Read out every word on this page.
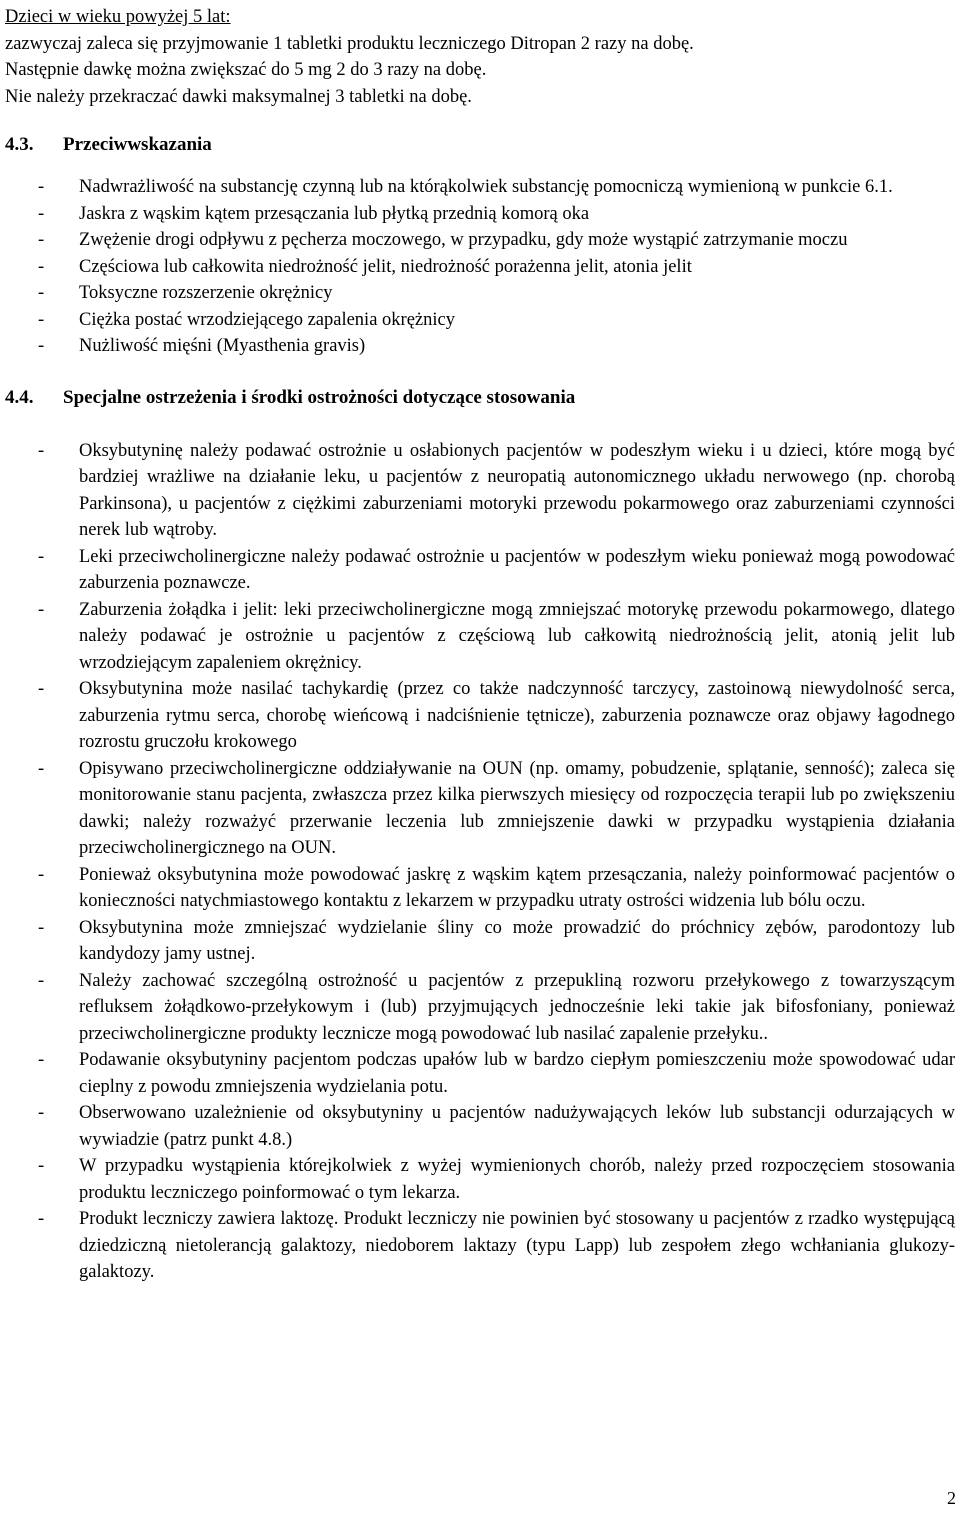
Dzieci w wieku powyżej 5 lat:
zazwyczaj zaleca się przyjmowanie 1 tabletki produktu leczniczego Ditropan 2 razy na dobę.
Następnie dawkę można zwiększać do 5 mg 2 do 3 razy na dobę.
Nie należy przekraczać dawki maksymalnej 3 tabletki na dobę.
4.3.	Przeciwwskazania
- Nadwrażliwość na substancję czynną lub na którąkolwiek substancję pomocniczą wymienioną w punkcie 6.1.
- Jaskra z wąskim kątem przesączania lub płytką przednią komorą oka
- Zwężenie drogi odpływu z pęcherza moczowego, w przypadku, gdy może wystąpić zatrzymanie moczu
- Częściowa lub całkowita niedrożność jelit, niedrożność porażenna jelit, atonia jelit
- Toksyczne rozszerzenie okrężnicy
- Ciężka postać wrzodziejącego zapalenia okrężnicy
- Nużliwość mięśni (Myasthenia gravis)
4.4.	Specjalne ostrzeżenia i środki ostrożności dotyczące stosowania
- Oksybutyninę należy podawać ostrożnie u osłabionych pacjentów w podeszłym wieku i u dzieci, które mogą być bardziej wrażliwe na działanie leku, u pacjentów z neuropatią autonomicznego układu nerwowego (np. chorobą Parkinsona), u pacjentów z ciężkimi zaburzeniami motoryki przewodu pokarmowego oraz zaburzeniami czynności nerek lub wątroby.
- Leki przeciwcholinergiczne należy podawać ostrożnie u pacjentów w podeszłym wieku ponieważ mogą powodować zaburzenia poznawcze.
- Zaburzenia żołądka i jelit: leki przeciwcholinergiczne mogą zmniejszać motorykę przewodu pokarmowego, dlatego należy podawać je ostrożnie u pacjentów z częściową lub całkowitą niedrożnością jelit, atonią jelit lub wrzodziejącym zapaleniem okrężnicy.
- Oksybutynina może nasilać tachykardię (przez co także nadczynność tarczycy, zastoinową niewydolność serca, zaburzenia rytmu serca, chorobę wieńcową i nadciśnienie tętnicze), zaburzenia poznawcze oraz objawy łagodnego rozrostu gruczołu krokowego
- Opisywano przeciwcholinergiczne oddziaływanie na OUN (np. omamy, pobudzenie, splątanie, senność); zaleca się monitorowanie stanu pacjenta, zwłaszcza przez kilka pierwszych miesięcy od rozpoczęcia terapii lub po zwiększeniu dawki; należy rozważyć przerwanie leczenia lub zmniejszenie dawki w przypadku wystąpienia działania przeciwcholinergicznego na OUN.
- Ponieważ oksybutynina może powodować jaskrę z wąskim kątem przesączania, należy poinformować pacjentów o konieczności natychmiastowego kontaktu z lekarzem w przypadku utraty ostrości widzenia lub bólu oczu.
- Oksybutynina może zmniejszać wydzielanie śliny co może prowadzić do próchnicy zębów, parodontozy lub kandydozy jamy ustnej.
- Należy zachować szczególną ostrożność u pacjentów z przepukliną rozworu przełykowego z towarzyszącym refluksem żołądkowo-przełykowym i (lub) przyjmujących jednocześnie leki takie jak bifosfoniany, ponieważ przeciwcholinergiczne produkty lecznicze mogą powodować lub nasilać zapalenie przełyku..
- Podawanie oksybutyniny pacjentom podczas upałów lub w bardzo ciepłym pomieszczeniu może spowodować udar cieplny z powodu zmniejszenia wydzielania potu.
- Obserwowano uzależnienie od oksybutyniny u pacjentów nadużywających leków lub substancji odurzających w wywiadzie (patrz punkt 4.8.)
- W przypadku wystąpienia którejkolwiek z wyżej wymienionych chorób, należy przed rozpoczęciem stosowania produktu leczniczego poinformować o tym lekarza.
- Produkt leczniczy zawiera laktozę. Produkt leczniczy nie powinien być stosowany u pacjentów z rzadko występującą dziedziczną nietolerancją galaktozy, niedoborem laktazy (typu Lapp) lub zespołem złego wchłaniania glukozy-galaktozy.
2
